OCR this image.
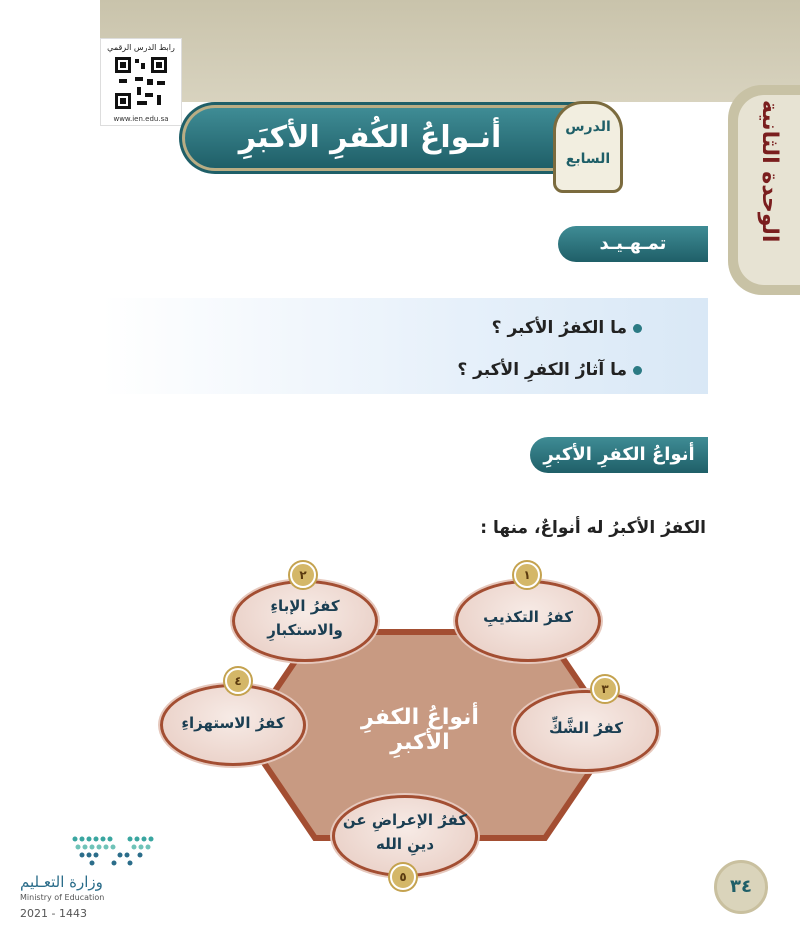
رابط الدرس الرقمي
www.ien.edu.sa	الوحدة الثانية
أنـواعُ الكُفرِ الأكبَرِ	الدرس
السابع
تمـهـيـد
ما الكفرُ الأكبر ؟
ما آثارُ الكفرِ الأكبر ؟
أنواعُ الكفرِ الأكبرِ
الكفرُ الأكبرُ له أنواعٌ، منها :
أنواعُ الكفرِ الأكبرِ
كفرُ التكذيبِ
١
كفرُ الإباءِ
والاستكبارِ
٢
كفرُ الشَّكِّ
٣
كفرُ الاستهزاءِ
٤
كفرُ الإعراضِ عن
دينِ الله
٥
وزارة التعـليم
Ministry of Education
2021 - 1443
٣٤
